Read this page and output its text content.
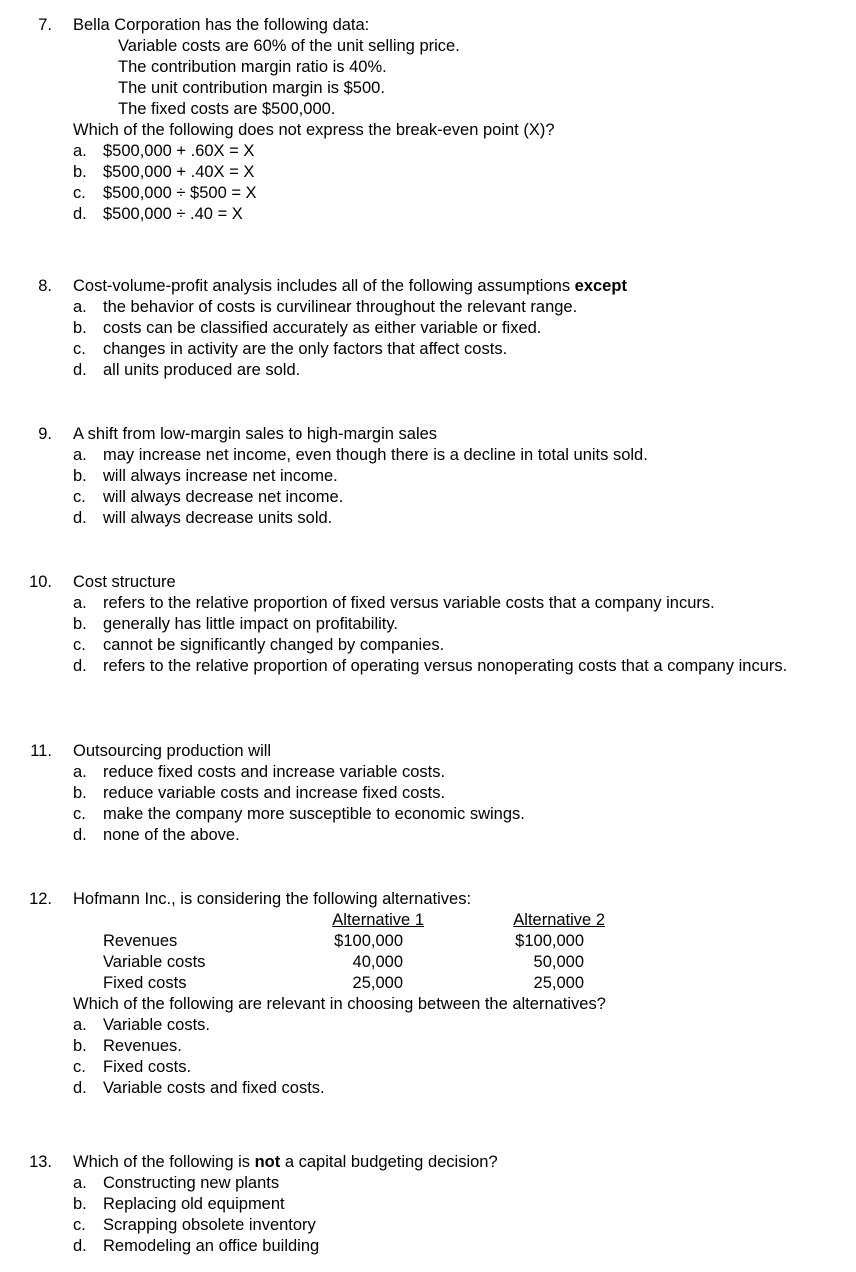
7. Bella Corporation has the following data:
Variable costs are 60% of the unit selling price.
The contribution margin ratio is 40%.
The unit contribution margin is $500.
The fixed costs are $500,000.
Which of the following does not express the break-even point (X)?
a. $500,000 + .60X = X
b. $500,000 + .40X = X
c.	$500,000 ÷ $500 = X
d. $500,000 ÷ .40 = X
8. Cost-volume-profit analysis includes all of the following assumptions except
a. the behavior of costs is curvilinear throughout the relevant range.
b. costs can be classified accurately as either variable or fixed.
c.	changes in activity are the only factors that affect costs.
d. all units produced are sold.
9. A shift from low-margin sales to high-margin sales
a. may increase net income, even though there is a decline in total units sold.
b. will always increase net income.
c.	will always decrease net income.
d. will always decrease units sold.
10. Cost structure
a. refers to the relative proportion of fixed versus variable costs that a company incurs.
b. generally has little impact on profitability.
c.	cannot be significantly changed by companies.
d. refers to the relative proportion of operating versus nonoperating costs that a company incurs.
11. Outsourcing production will
a. reduce fixed costs and increase variable costs.
b. reduce variable costs and increase fixed costs.
c.	make the company more susceptible to economic swings.
d. none of the above.
12. Hofmann Inc., is considering the following alternatives:
	Alternative 1	Alternative 2
Revenues	$100,000	$100,000
Variable costs	40,000	50,000
Fixed costs	25,000	25,000
Which of the following are relevant in choosing between the alternatives?
a. Variable costs.
b. Revenues.
c.	Fixed costs.
d. Variable costs and fixed costs.
13. Which of the following is not a capital budgeting decision?
a. Constructing new plants
b. Replacing old equipment
c.	Scrapping obsolete inventory
d. Remodeling an office building
